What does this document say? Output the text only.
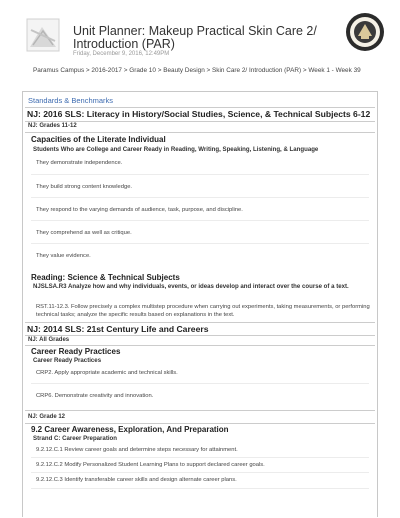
Unit Planner: Makeup Practical Skin Care 2/ Introduction (PAR)
Friday, December 9, 2016, 12:49PM
Paramus Campus > 2016-2017 > Grade 10 > Beauty Design > Skin Care 2/ Introduction (PAR) > Week 1 - Week 39
Standards & Benchmarks
NJ: 2016 SLS: Literacy in History/Social Studies, Science, & Technical Subjects 6-12
NJ: Grades 11-12
Capacities of the Literate Individual
Students Who are College and Career Ready in Reading, Writing, Speaking, Listening, & Language
They demonstrate independence.
They build strong content knowledge.
They respond to the varying demands of audience, task, purpose, and discipline.
They comprehend as well as critique.
They value evidence.
Reading: Science & Technical Subjects
NJSLSA.R3 Analyze how and why individuals, events, or ideas develop and interact over the course of a text.
RST.11-12.3. Follow precisely a complex multistep procedure when carrying out experiments, taking measurements, or performing technical tasks; analyze the specific results based on explanations in the text.
NJ: 2014 SLS: 21st Century Life and Careers
NJ: All Grades
Career Ready Practices
Career Ready Practices
CRP2. Apply appropriate academic and technical skills.
CRP6. Demonstrate creativity and innovation.
NJ: Grade 12
9.2 Career Awareness, Exploration, And Preparation
Strand C: Career Preparation
9.2.12.C.1 Review career goals and determine steps necessary for attainment.
9.2.12.C.2 Modify Personalized Student Learning Plans to support declared career goals.
9.2.12.C.3 Identify transferable career skills and design alternate career plans.
